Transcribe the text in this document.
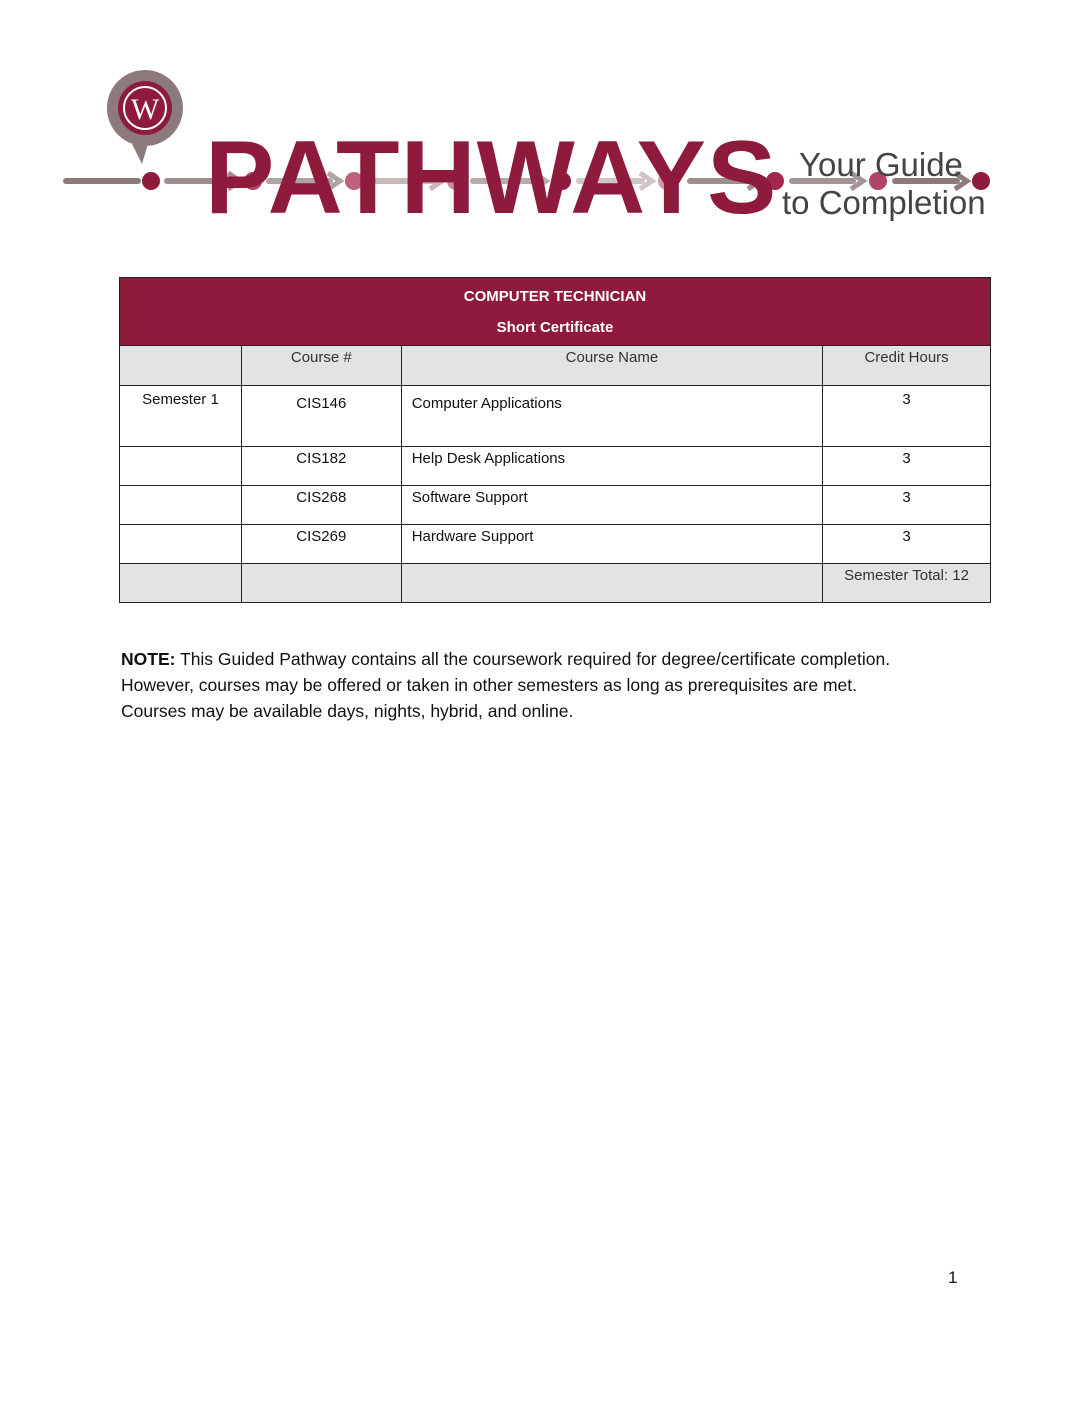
W
PATHWAYS Your Guide
to Completion
COMPUTER TECHNICIAN
Short Certificate			

	Course #	Course Name	Credit Hours
Semester 1	CIS146	Computer Applications	3
	CIS182	Help Desk Applications	3
	CIS268	Software Support	3
	CIS269	Hardware Support	3
			Semester Total: 12
NOTE: This Guided Pathway contains all the coursework required for degree/certificate completion.
However, courses may be offered or taken in other semesters as long as prerequisites are met.
Courses may be available days, nights, hybrid, and online.
1
